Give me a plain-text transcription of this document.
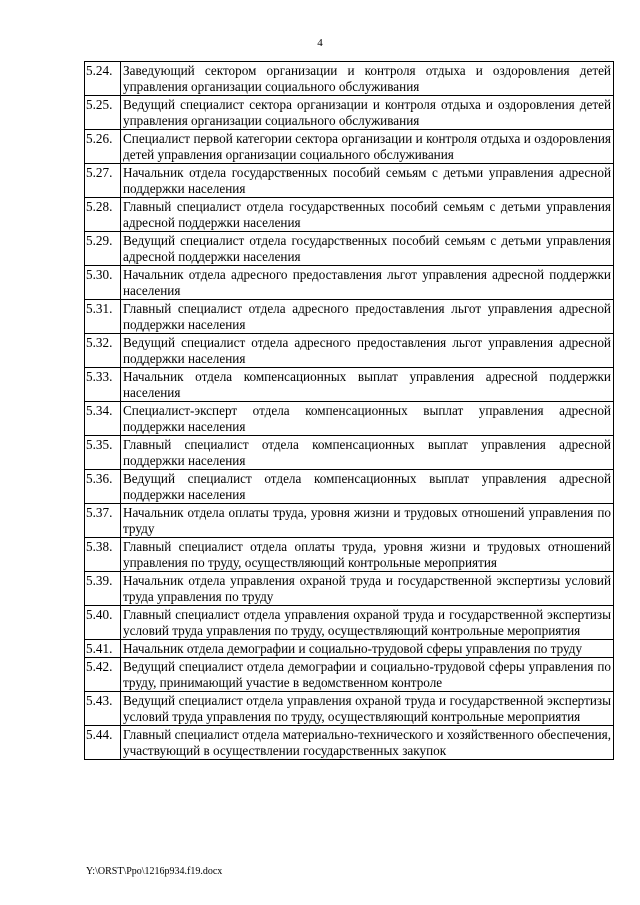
4
5.24.	Заведующий сектором организации и контроля отдыха и оздоровления детей управления организации социального обслуживания
5.25.	Ведущий специалист сектора организации и контроля отдыха и оздоровления детей управления организации социального обслуживания
5.26.	Специалист первой категории сектора организации и контроля отдыха и оздоровления детей управления организации социального обслуживания
5.27.	Начальник отдела государственных пособий семьям с детьми управления адресной поддержки населения
5.28.	Главный специалист отдела государственных пособий семьям с детьми управления адресной поддержки населения
5.29.	Ведущий специалист отдела государственных пособий семьям с детьми управления адресной поддержки населения
5.30.	Начальник отдела адресного предоставления льгот управления адресной поддержки населения
5.31.	Главный специалист отдела адресного предоставления льгот управления адресной поддержки населения
5.32.	Ведущий специалист отдела адресного предоставления льгот управления адресной поддержки населения
5.33.	Начальник отдела компенсационных выплат управления адресной поддержки населения
5.34.	Специалист-эксперт отдела компенсационных выплат управления адресной поддержки населения
5.35.	Главный специалист отдела компенсационных выплат управления адресной поддержки населения
5.36.	Ведущий специалист отдела компенсационных выплат управления адресной поддержки населения
5.37.	Начальник отдела оплаты труда, уровня жизни и трудовых отношений управления по труду
5.38.	Главный специалист отдела оплаты труда, уровня жизни и трудовых отношений управления по труду, осуществляющий контрольные мероприятия
5.39.	Начальник отдела управления охраной труда и государственной экспертизы условий труда управления по труду
5.40.	Главный специалист отдела управления охраной труда и государственной экспертизы условий труда управления по труду, осуществляющий контрольные мероприятия
5.41.	Начальник отдела демографии и социально-трудовой сферы управления по труду
5.42.	Ведущий специалист отдела демографии и социально-трудовой сферы управления по труду, принимающий участие в ведомственном контроле
5.43.	Ведущий специалист отдела управления охраной труда и государственной экспертизы условий труда управления по труду, осуществляющий контрольные мероприятия
5.44.	Главный специалист отдела материально-технического и хозяйственного обеспечения, участвующий в осуществлении государственных закупок
Y:\ORST\Ppo\1216p934.f19.docx
